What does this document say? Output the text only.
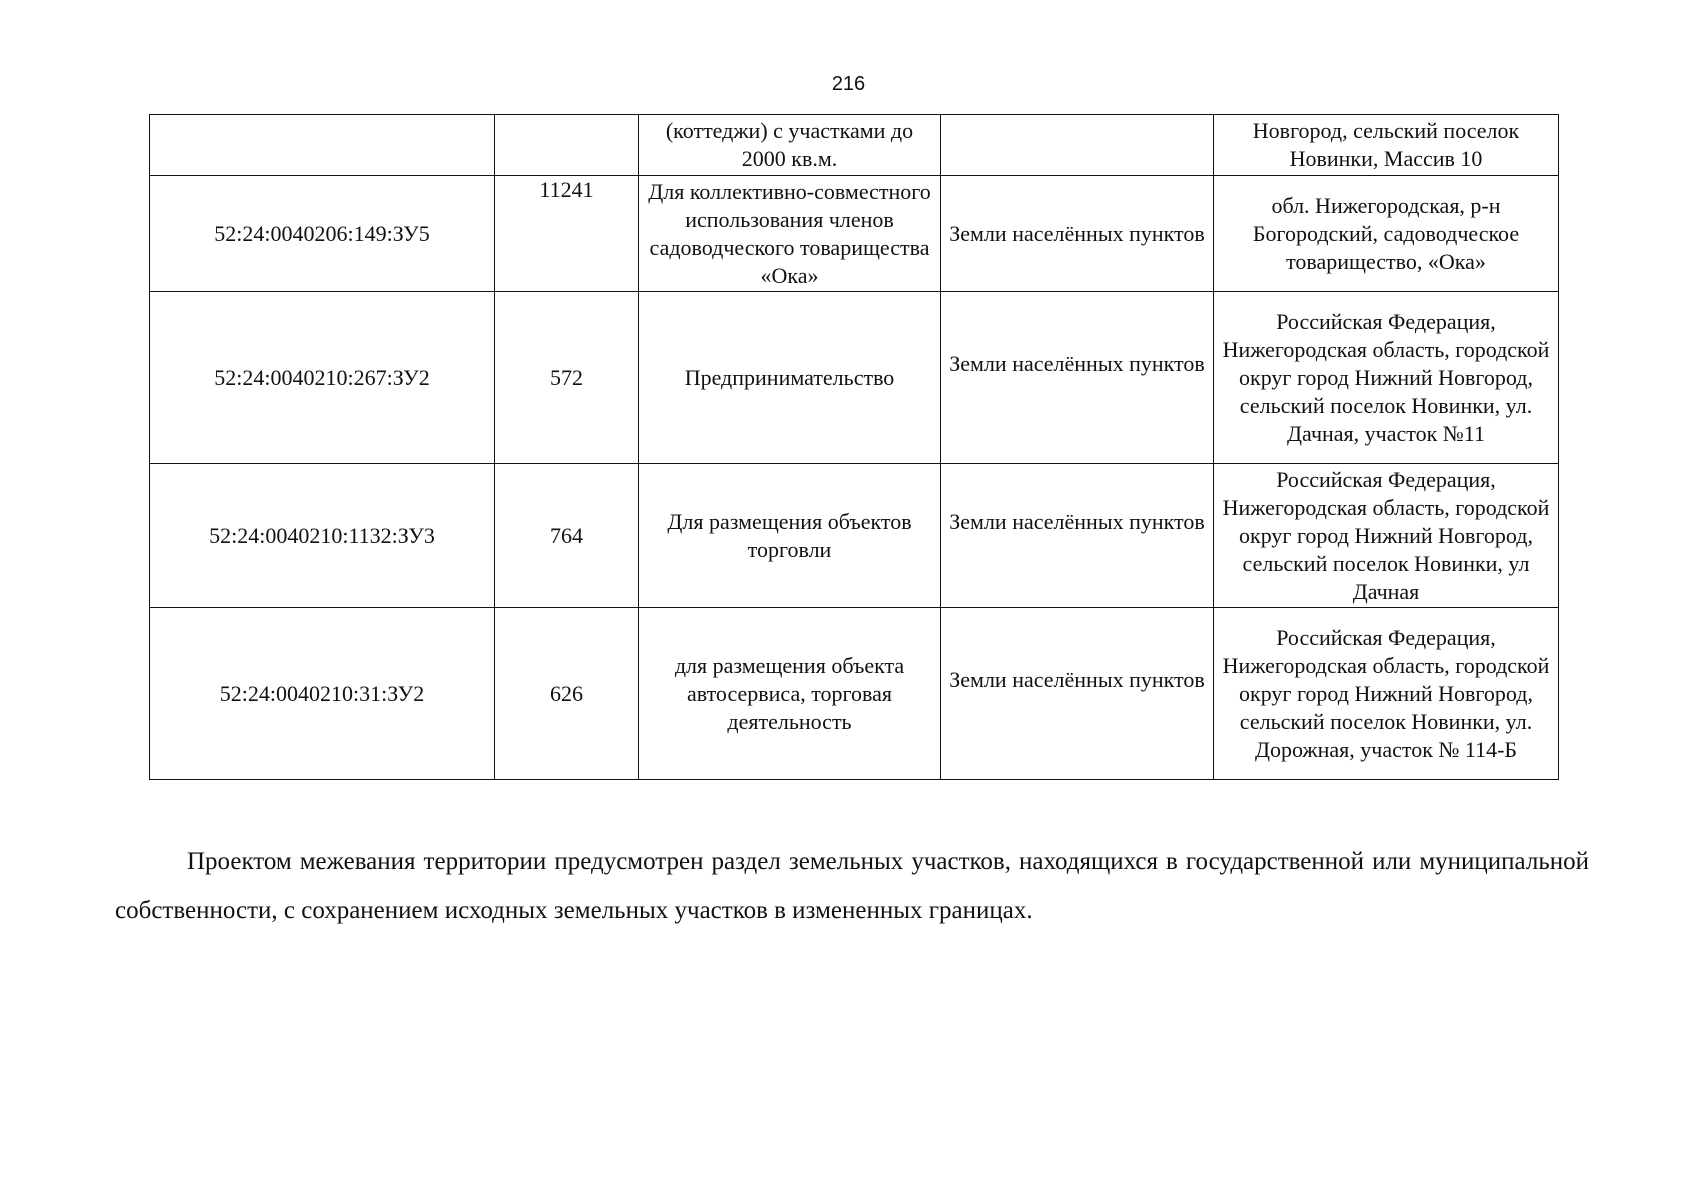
216
		(коттеджи) с участками до 2000 кв.м.		Новгород, сельский поселок Новинки, Массив 10
52:24:0040206:149:ЗУ5	11241	Для коллективно-совместного использования членов садоводческого товарищества «Ока»	Земли населённых пунктов	обл. Нижегородская, р-н Богородский, садоводческое товарищество, «Ока»
52:24:0040210:267:ЗУ2	572	Предпринимательство	Земли населённых пунктов	Российская Федерация, Нижегородская область, городской округ город Нижний Новгород, сельский поселок Новинки, ул. Дачная, участок №11
52:24:0040210:1132:ЗУ3	764	Для размещения объектов торговли	Земли населённых пунктов	Российская Федерация, Нижегородская область, городской округ город Нижний Новгород, сельский поселок Новинки, ул Дачная
52:24:0040210:31:ЗУ2	626	для размещения объекта автосервиса, торговая деятельность	Земли населённых пунктов	Российская Федерация, Нижегородская область, городской округ город Нижний Новгород, сельский поселок Новинки, ул. Дорожная, участок № 114-Б

Проектом межевания территории предусмотрен раздел земельных участков, находящихся в государственной или муниципальной собственности, с сохранением исходных земельных участков в измененных границах.
